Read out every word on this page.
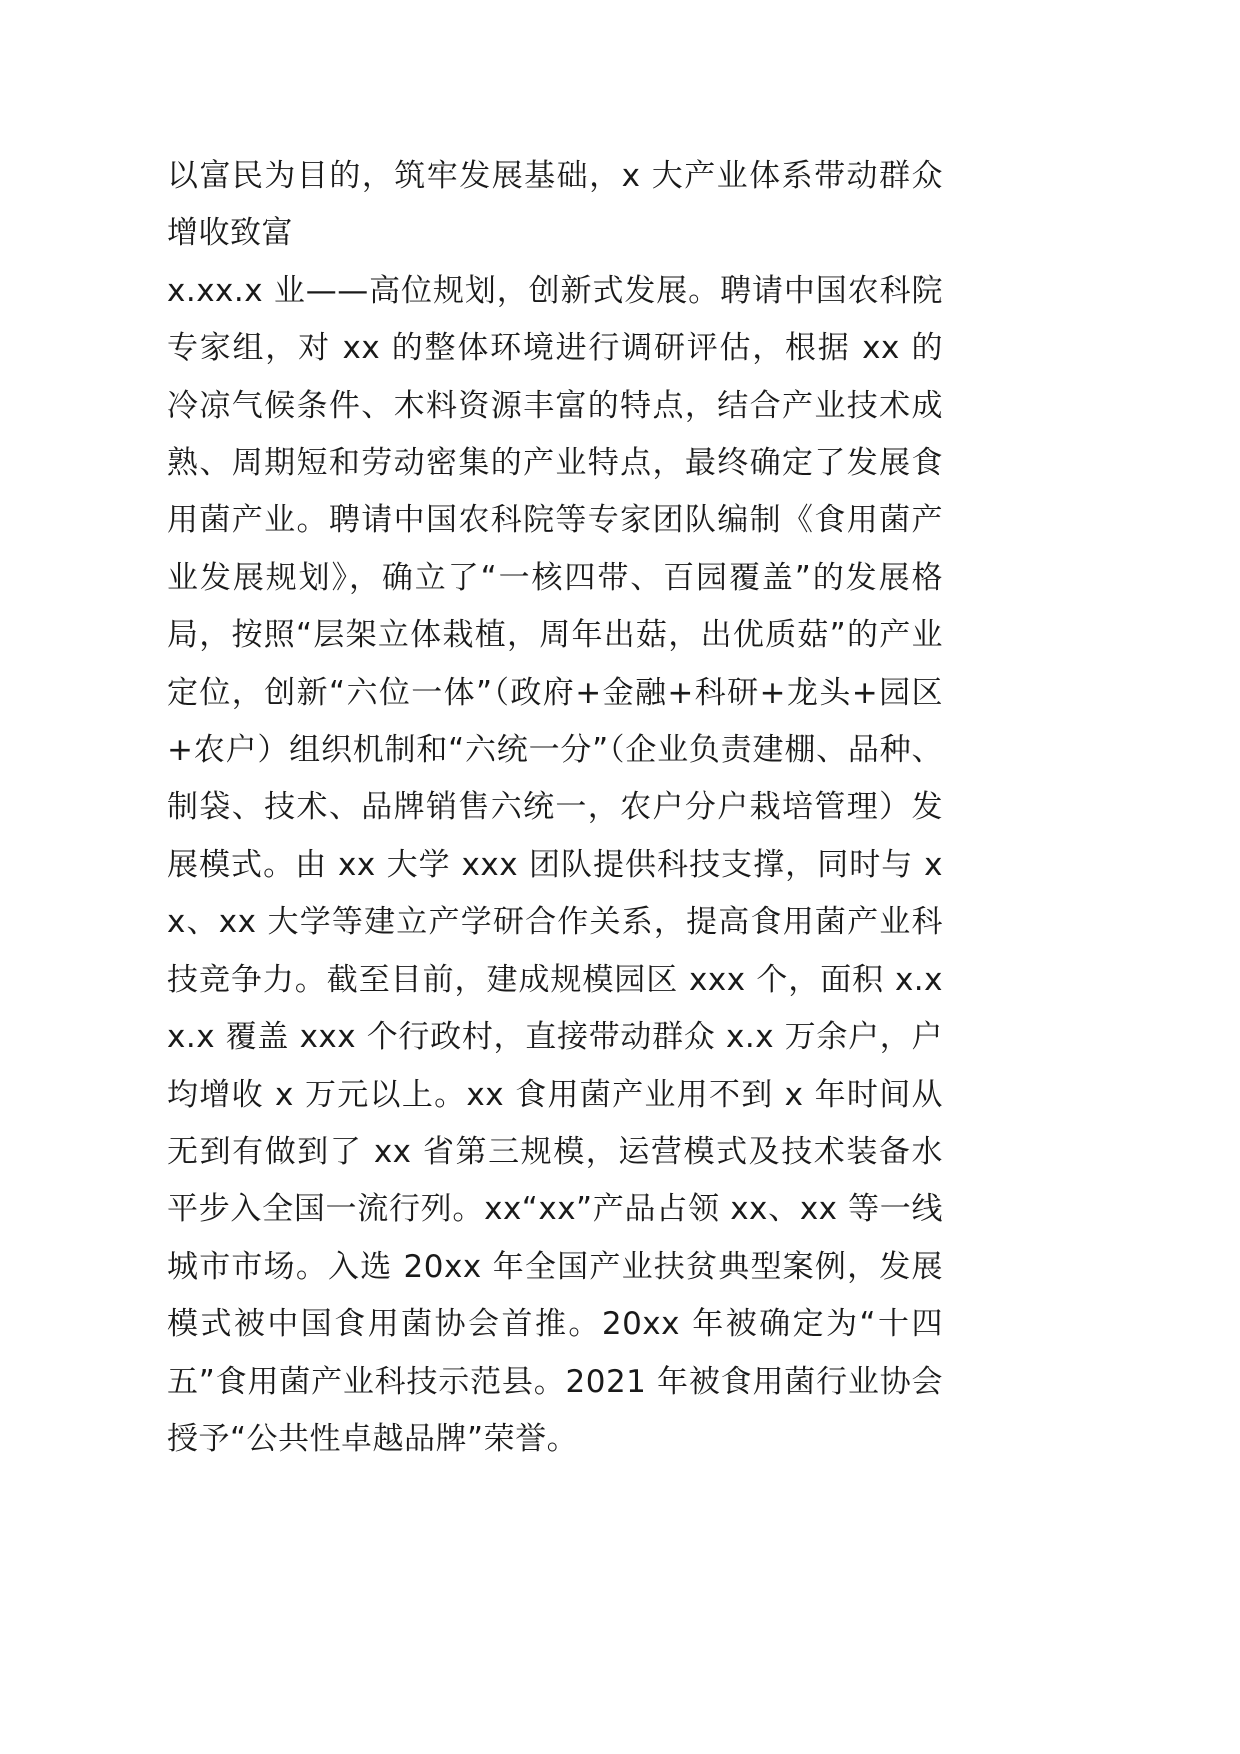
以富民为目的，筑牢发展基础，x 大产业体系带动群众增收致富

x.xx.x 业——高位规划，创新式发展。聘请中国农科院专家组，对 xx 的整体环境进行调研评估，根据 xx 的冷凉气候条件、木料资源丰富的特点，结合产业技术成熟、周期短和劳动密集的产业特点，最终确定了发展食用菌产业。聘请中国农科院等专家团队编制《食用菌产业发展规划》，确立了“一核四带、百园覆盖”的发展格局，按照“层架立体栽植，周年出菇，出优质菇”的产业定位，创新“六位一体”（政府+金融+科研+龙头+园区+农户）组织机制和“六统一分”（企业负责建棚、品种、制袋、技术、品牌销售六统一，农户分户栽培管理）发展模式。由 xx 大学 xxx 团队提供科技支撑，同时与 xx、xx 大学等建立产学研合作关系，提高食用菌产业科技竞争力。截至目前，建成规模园区 xxx 个，面积 x.xx.x 覆盖 xxx 个行政村，直接带动群众 x.x 万余户，户均增收 x 万元以上。xx 食用菌产业用不到 x 年时间从无到有做到了 xx 省第三规模，运营模式及技术装备水平步入全国一流行列。xx“xx”产品占领 xx、xx 等一线城市市场。入选 20xx 年全国产业扶贫典型案例，发展模式被中国食用菌协会首推。20xx 年被确定为“十四五”食用菌产业科技示范县。2021 年被食用菌行业协会授予“公共性卓越品牌”荣誉。
